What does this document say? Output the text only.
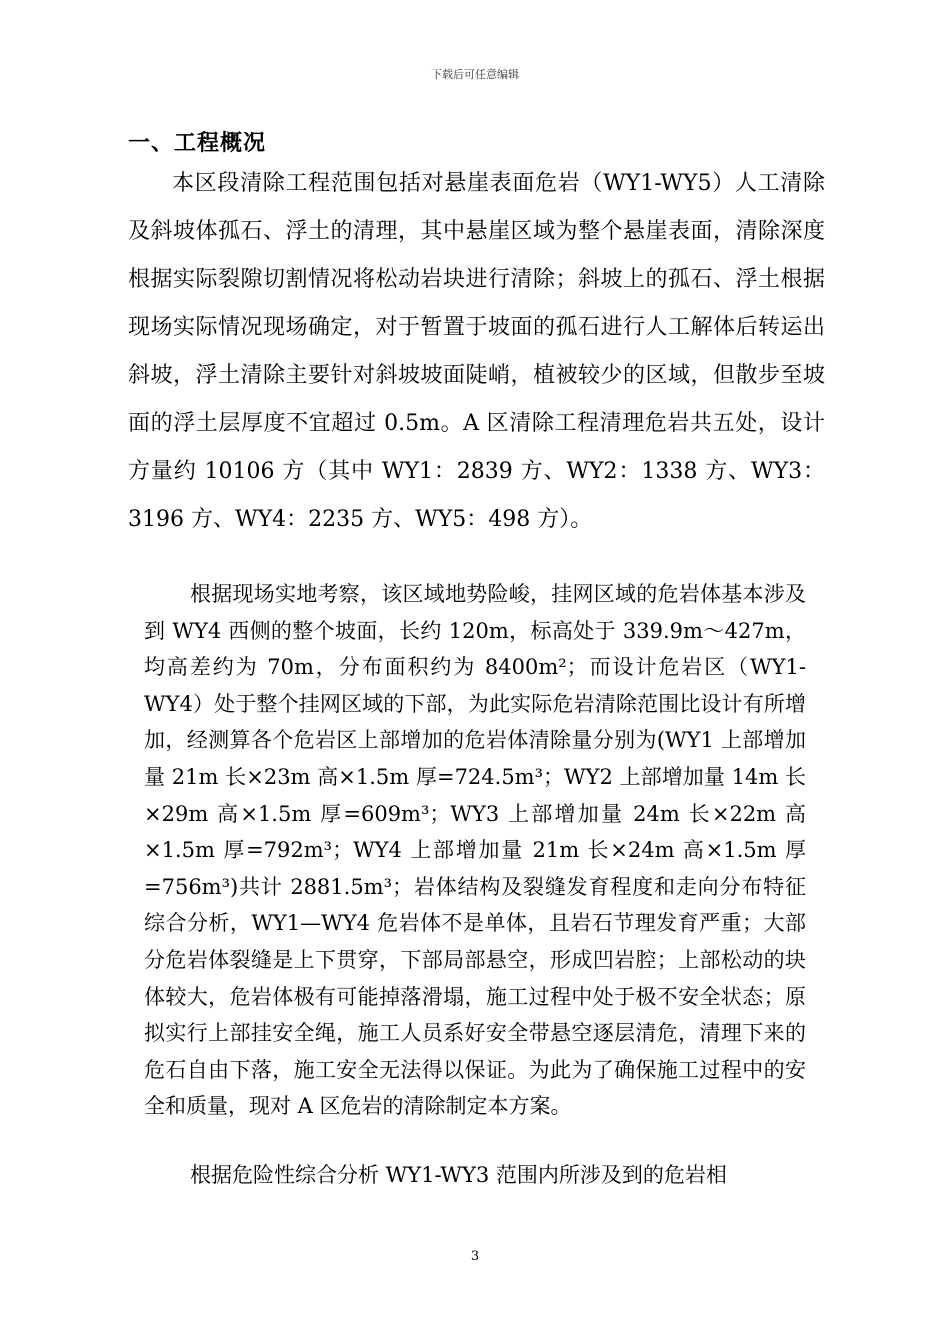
下载后可任意编辑
一、工程概况

本区段清除工程范围包括对悬崖表面危岩（WY1-WY5）人工清除及斜坡体孤石、浮土的清理，其中悬崖区域为整个悬崖表面，清除深度根据实际裂隙切割情况将松动岩块进行清除；斜坡上的孤石、浮土根据现场实际情况现场确定，对于暂置于坡面的孤石进行人工解体后转运出斜坡，浮土清除主要针对斜坡坡面陡峭，植被较少的区域，但散步至坡面的浮土层厚度不宜超过 0.5m。A 区清除工程清理危岩共五处，设计方量约 10106 方（其中 WY1：2839 方、WY2：1338 方、WY3：3196 方、WY4：2235 方、WY5：498 方）。

根据现场实地考察，该区域地势险峻，挂网区域的危岩体基本涉及到 WY4 西侧的整个坡面，长约 120m，标高处于 339.9m～427m，均高差约为 70m，分布面积约为 8400m²；而设计危岩区（WY1-WY4）处于整个挂网区域的下部，为此实际危岩清除范围比设计有所增加，经测算各个危岩区上部增加的危岩体清除量分别为(WY1 上部增加量 21m 长×23m 高×1.5m 厚=724.5m³；WY2 上部增加量 14m 长×29m 高×1.5m 厚=609m³；WY3 上部增加量 24m 长×22m 高×1.5m 厚=792m³；WY4 上部增加量 21m 长×24m 高×1.5m 厚=756m³)共计 2881.5m³；岩体结构及裂缝发育程度和走向分布特征综合分析，WY1—WY4 危岩体不是单体，且岩石节理发育严重；大部分危岩体裂缝是上下贯穿，下部局部悬空，形成凹岩腔；上部松动的块体较大，危岩体极有可能掉落滑塌，施工过程中处于极不安全状态；原拟实行上部挂安全绳，施工人员系好安全带悬空逐层清危，清理下来的危石自由下落，施工安全无法得以保证。为此为了确保施工过程中的安全和质量，现对 A 区危岩的清除制定本方案。

根据危险性综合分析 WY1-WY3 范围内所涉及到的危岩相

3
